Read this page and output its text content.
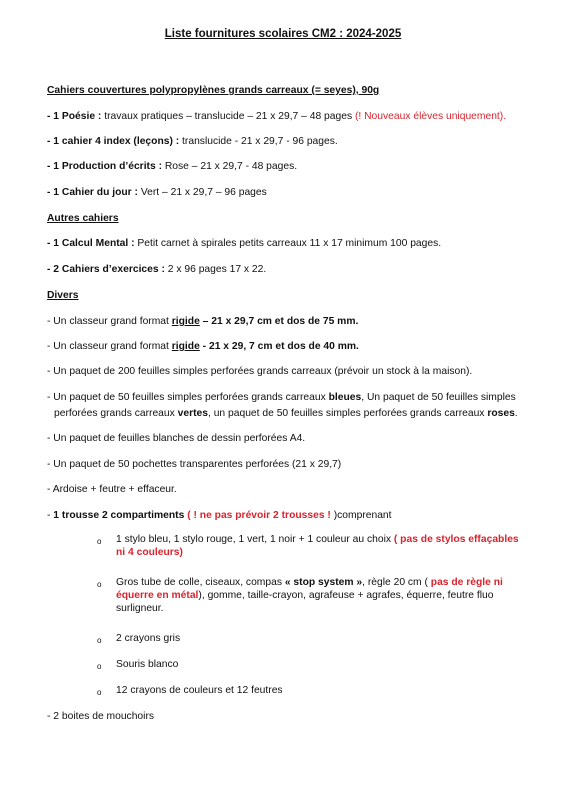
Liste fournitures scolaires CM2 : 2024-2025
Cahiers couvertures polypropylènes grands carreaux (= seyes), 90g
- 1 Poésie : travaux pratiques – translucide – 21 x 29,7 – 48 pages (! Nouveaux élèves uniquement).
- 1 cahier 4 index (leçons) : translucide - 21 x 29,7 - 96 pages.
- 1 Production d’écrits : Rose – 21 x 29,7 - 48 pages.
- 1 Cahier du jour : Vert – 21 x 29,7 – 96 pages
Autres cahiers
- 1 Calcul Mental : Petit carnet à spirales petits carreaux 11 x 17 minimum 100 pages.
- 2 Cahiers d’exercices : 2 x 96 pages 17 x 22.
Divers
- Un classeur grand format rigide – 21 x 29,7 cm et dos de 75 mm.
- Un classeur grand format rigide - 21 x 29, 7 cm et dos de 40 mm.
- Un paquet de 200 feuilles simples perforées grands carreaux (prévoir un stock à la maison).
- Un paquet de 50 feuilles simples perforées grands carreaux bleues, Un paquet de 50 feuilles simples
perforées grands carreaux vertes, un paquet de 50 feuilles simples perforées grands carreaux roses.
- Un paquet de feuilles blanches de dessin perforées A4.
- Un paquet de 50 pochettes transparentes perforées (21 x 29,7)
- Ardoise + feutre + effaceur.
- 1 trousse 2 compartiments ( ! ne pas prévoir 2 trousses ! )comprenant
o	1 stylo bleu, 1 stylo rouge, 1 vert, 1 noir + 1 couleur au choix ( pas de stylos effaçables ni 4 couleurs)
o	Gros tube de colle, ciseaux, compas « stop system », règle 20 cm ( pas de règle ni équerre en métal), gomme, taille-crayon, agrafeuse + agrafes, équerre, feutre fluo surligneur.
o	2 crayons gris
o	Souris blanco
o	12 crayons de couleurs et 12 feutres
- 2 boites de mouchoirs
